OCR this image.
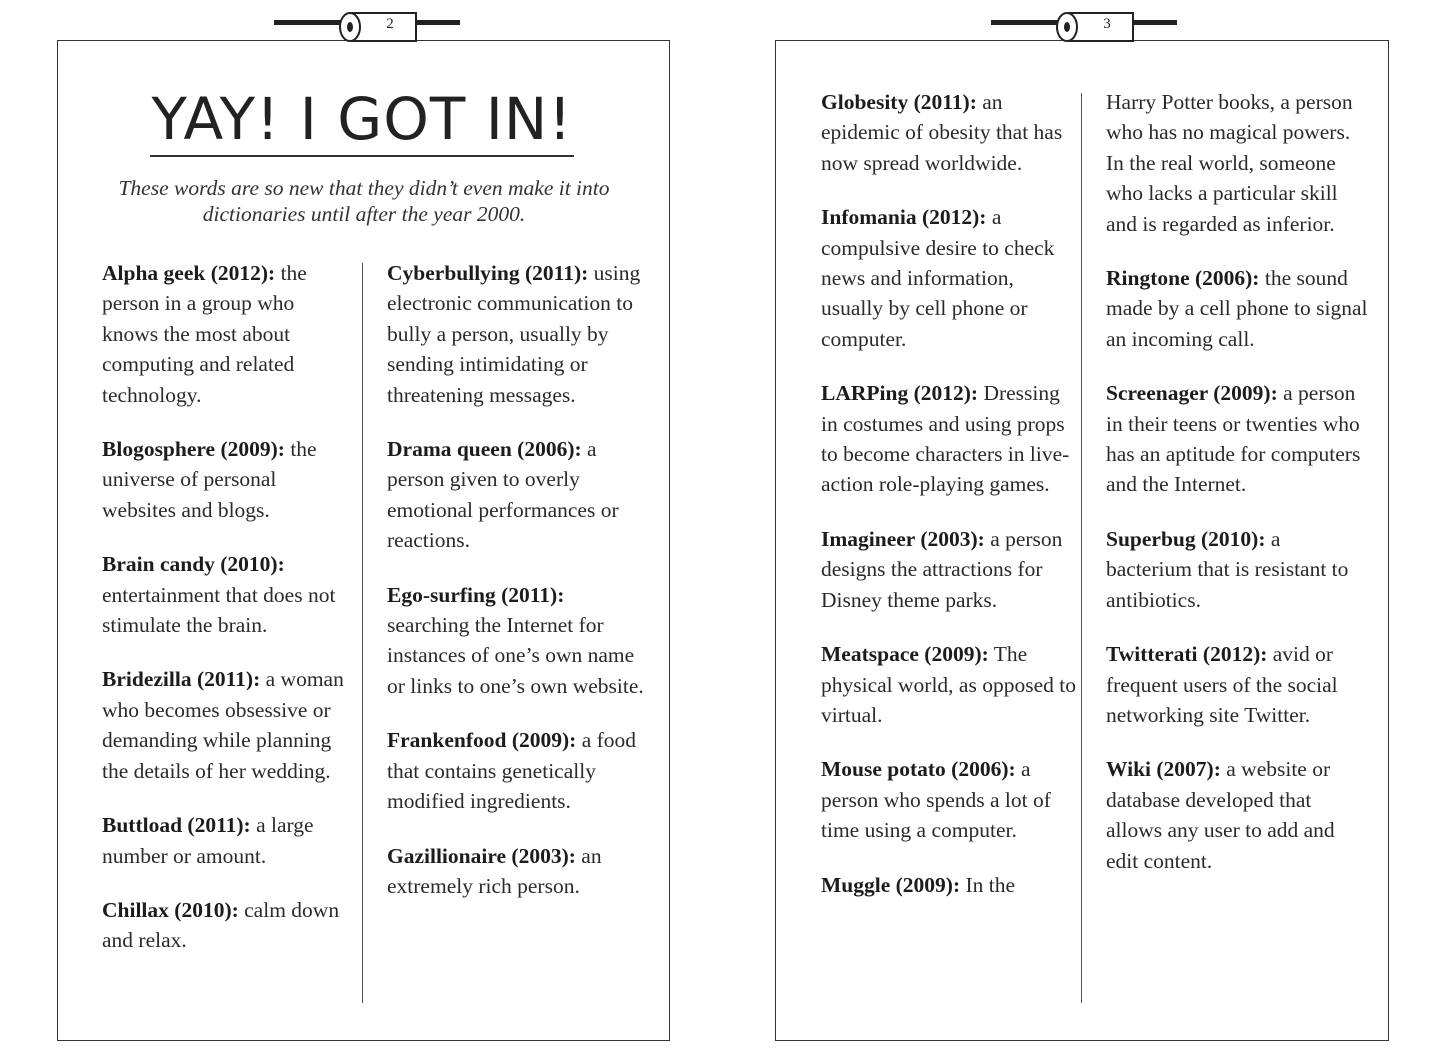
2
YAY! I GOT IN!
These words are so new that they didn’t even make it into dictionaries until after the year 2000.

Alpha geek (2012): the person in a group who knows the most about computing and related technology.

Blogosphere (2009): the universe of personal websites and blogs.

Brain candy (2010): entertainment that does not stimulate the brain.

Bridezilla (2011): a woman who becomes obsessive or demanding while planning the details of her wedding.

Buttload (2011): a large number or amount.

Chillax (2010): calm down and relax.

Cyberbullying (2011): using electronic communication to bully a person, usually by sending intimidating or threatening messages.

Drama queen (2006): a person given to overly emotional performances or reactions.

Ego-surfing (2011): searching the Internet for instances of one’s own name or links to one’s own website.

Frankenfood (2009): a food that contains genetically modified ingredients.

Gazillionaire (2003): an extremely rich person.

3

Globesity (2011): an epidemic of obesity that has now spread worldwide.

Infomania (2012): a compulsive desire to check news and information, usually by cell phone or computer.

LARPing (2012): Dressing in costumes and using props to become characters in live-action role-playing games.

Imagineer (2003): a person designs the attractions for Disney theme parks.

Meatspace (2009): The physical world, as opposed to virtual.

Mouse potato (2006): a person who spends a lot of time using a computer.

Muggle (2009): In the

Harry Potter books, a person who has no magical powers. In the real world, someone who lacks a particular skill and is regarded as inferior.

Ringtone (2006): the sound made by a cell phone to signal an incoming call.

Screenager (2009): a person in their teens or twenties who has an aptitude for computers and the Internet.

Superbug (2010): a bacterium that is resistant to antibiotics.

Twitterati (2012): avid or frequent users of the social networking site Twitter.

Wiki (2007): a website or database developed that allows any user to add and edit content.
